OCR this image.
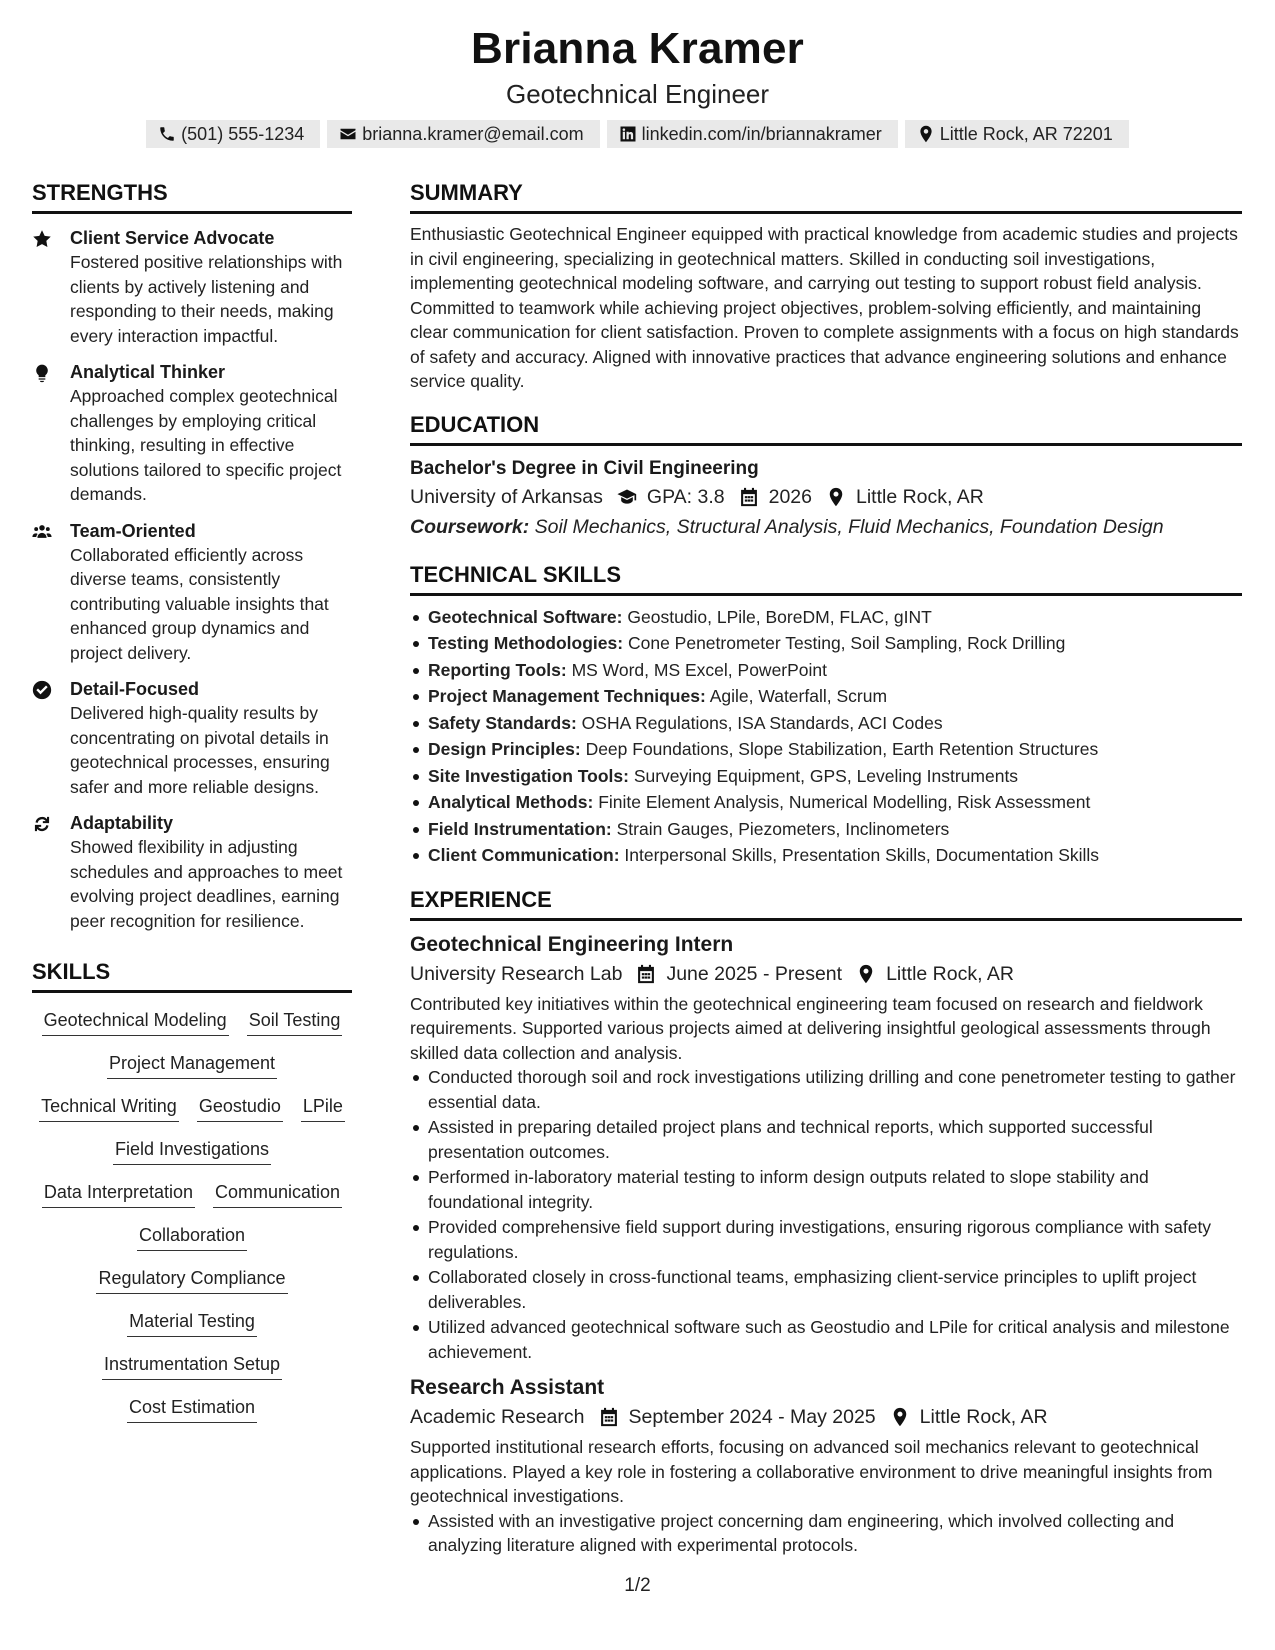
Brianna Kramer
Geotechnical Engineer
(501) 555-1234	brianna.kramer@email.com	linkedin.com/in/briannakramer	Little Rock, AR 72201
STRENGTHS
Client Service Advocate
Fostered positive relationships with clients by actively listening and responding to their needs, making every interaction impactful.
Analytical Thinker
Approached complex geotechnical challenges by employing critical thinking, resulting in effective solutions tailored to specific project demands.
Team-Oriented
Collaborated efficiently across diverse teams, consistently contributing valuable insights that enhanced group dynamics and project delivery.
Detail-Focused
Delivered high-quality results by concentrating on pivotal details in geotechnical processes, ensuring safer and more reliable designs.
Adaptability
Showed flexibility in adjusting schedules and approaches to meet evolving project deadlines, earning peer recognition for resilience.
SKILLS
Geotechnical Modeling Soil Testing
Project Management
Technical Writing Geostudio LPile
Field Investigations
Data Interpretation Communication
Collaboration
Regulatory Compliance
Material Testing
Instrumentation Setup
Cost Estimation
SUMMARY
Enthusiastic Geotechnical Engineer equipped with practical knowledge from academic studies and projects in civil engineering, specializing in geotechnical matters. Skilled in conducting soil investigations, implementing geotechnical modeling software, and carrying out testing to support robust field analysis. Committed to teamwork while achieving project objectives, problem-solving efficiently, and maintaining clear communication for client satisfaction. Proven to complete assignments with a focus on high standards of safety and accuracy. Aligned with innovative practices that advance engineering solutions and enhance service quality.
EDUCATION
Bachelor's Degree in Civil Engineering
University of Arkansas GPA: 3.8 2026 Little Rock, AR
Coursework: Soil Mechanics, Structural Analysis, Fluid Mechanics, Foundation Design
TECHNICAL SKILLS
Geotechnical Software: Geostudio, LPile, BoreDM, FLAC, gINT
Testing Methodologies: Cone Penetrometer Testing, Soil Sampling, Rock Drilling
Reporting Tools: MS Word, MS Excel, PowerPoint
Project Management Techniques: Agile, Waterfall, Scrum
Safety Standards: OSHA Regulations, ISA Standards, ACI Codes
Design Principles: Deep Foundations, Slope Stabilization, Earth Retention Structures
Site Investigation Tools: Surveying Equipment, GPS, Leveling Instruments
Analytical Methods: Finite Element Analysis, Numerical Modelling, Risk Assessment
Field Instrumentation: Strain Gauges, Piezometers, Inclinometers
Client Communication: Interpersonal Skills, Presentation Skills, Documentation Skills
EXPERIENCE
Geotechnical Engineering Intern
University Research Lab June 2025 - Present Little Rock, AR
Contributed key initiatives within the geotechnical engineering team focused on research and fieldwork requirements. Supported various projects aimed at delivering insightful geological assessments through skilled data collection and analysis.
Conducted thorough soil and rock investigations utilizing drilling and cone penetrometer testing to gather essential data.
Assisted in preparing detailed project plans and technical reports, which supported successful presentation outcomes.
Performed in-laboratory material testing to inform design outputs related to slope stability and foundational integrity.
Provided comprehensive field support during investigations, ensuring rigorous compliance with safety regulations.
Collaborated closely in cross-functional teams, emphasizing client-service principles to uplift project deliverables.
Utilized advanced geotechnical software such as Geostudio and LPile for critical analysis and milestone achievement.
Research Assistant
Academic Research September 2024 - May 2025 Little Rock, AR
Supported institutional research efforts, focusing on advanced soil mechanics relevant to geotechnical applications. Played a key role in fostering a collaborative environment to drive meaningful insights from geotechnical investigations.
Assisted with an investigative project concerning dam engineering, which involved collecting and analyzing literature aligned with experimental protocols.
1/2
